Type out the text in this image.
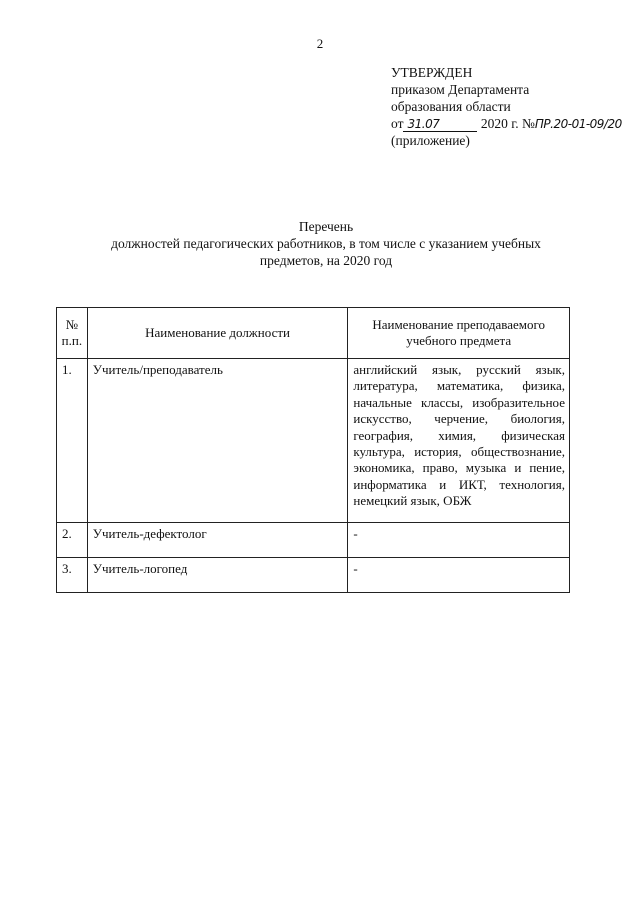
2
УТВЕРЖДЕН
приказом Департамента
образования области
от 31.07	2020 г. №ПР.20-01-09/20
(приложение)
Перечень
должностей педагогических работников, в том числе с указанием учебных
предметов, на 2020 год
№
п.п.	Наименование должности	Наименование преподаваемого учебного предмета
1.	Учитель/преподаватель	английский язык, русский язык, литература, математика, физика, начальные классы, изобразительное искусство, черчение, биология, география, химия, физическая культура, история, обществознание, экономика, право, музыка и пение, информатика и ИКТ, технология, немецкий язык, ОБЖ
2.	Учитель-дефектолог	-
3.	Учитель-логопед	-
